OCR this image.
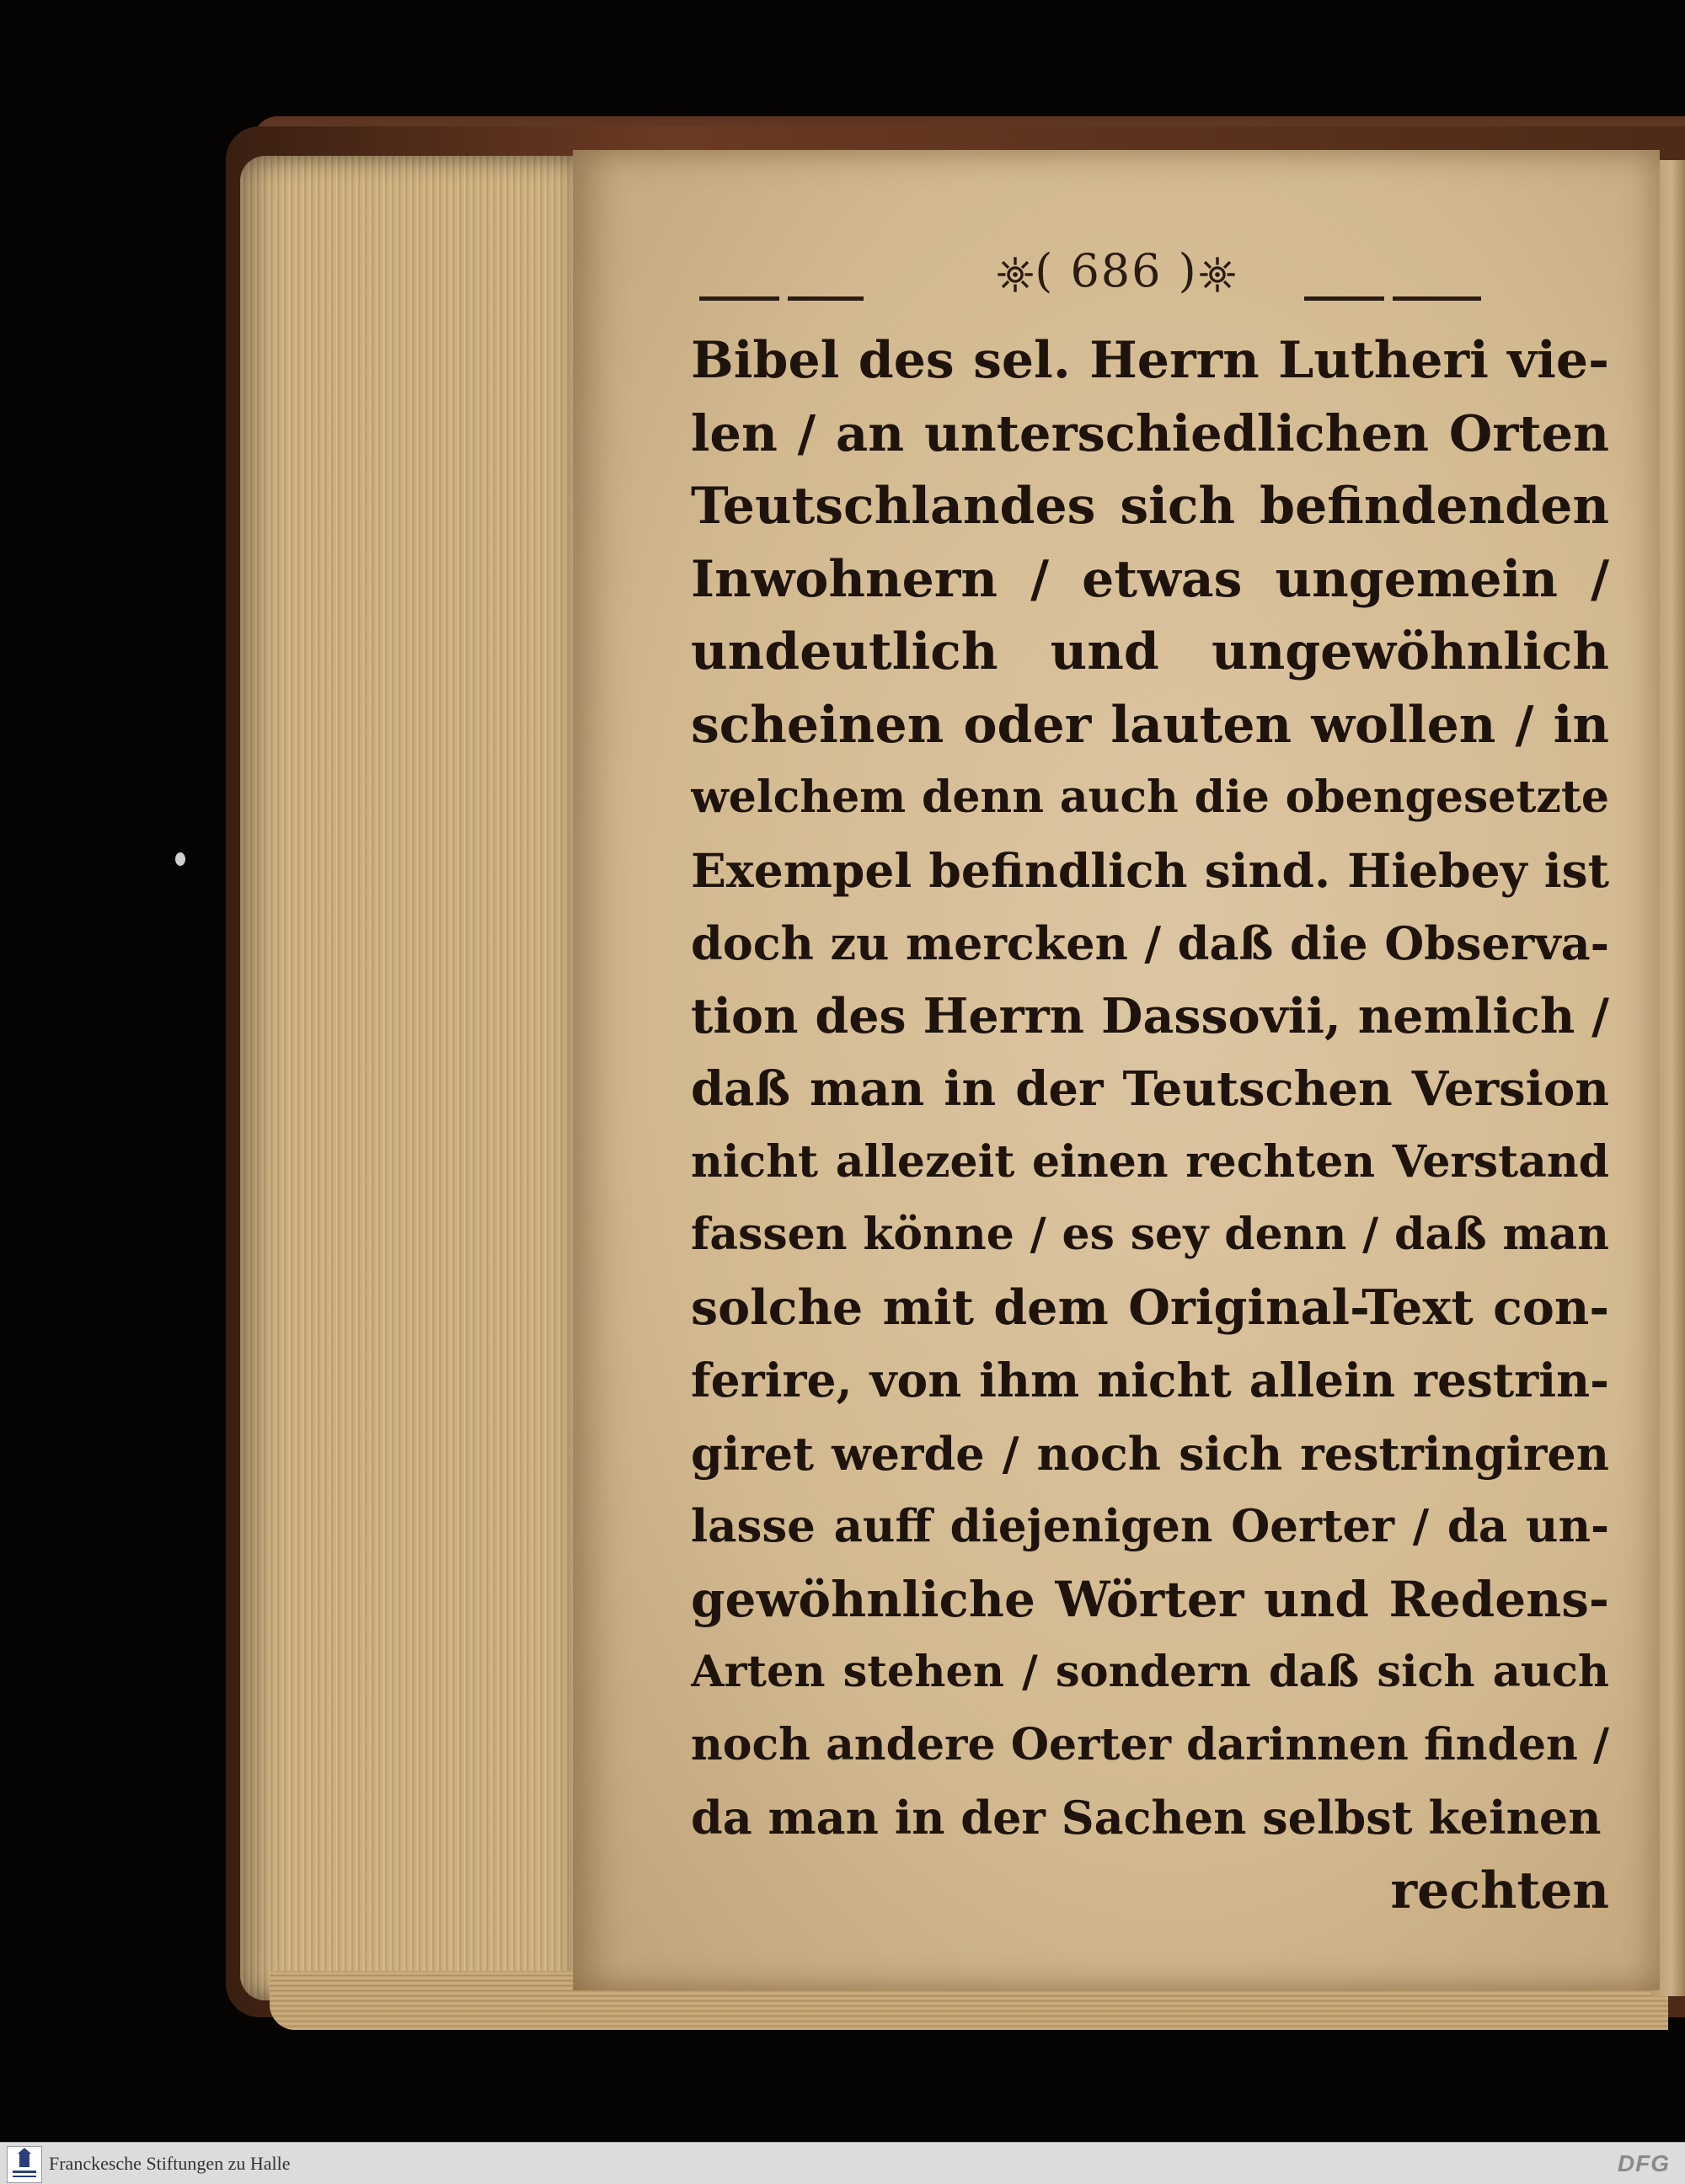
( 686 )
Bibel des sel. Herrn Lutheri vie-
len / an unterschiedlichen Orten
Teutschlandes sich befindenden
Inwohnern / etwas ungemein /
undeutlich und ungewöhnlich
scheinen oder lauten wollen / in
welchem denn auch die obengesetzte
Exempel befindlich sind. Hiebey ist
doch zu mercken / daß die Observa-
tion des Herrn Dassovii, nemlich /
daß man in der Teutschen Version
nicht allezeit einen rechten Verstand
fassen könne / es sey denn / daß man
solche mit dem Original-Text con-
ferire, von ihm nicht allein restrin-
giret werde / noch sich restringiren
lasse auff diejenigen Oerter / da un-
gewöhnliche Wörter und Redens-
Arten stehen / sondern daß sich auch
noch andere Oerter darinnen finden /
da man in der Sachen selbst keinen
rechten
Franckesche Stiftungen zu Halle	DFG
